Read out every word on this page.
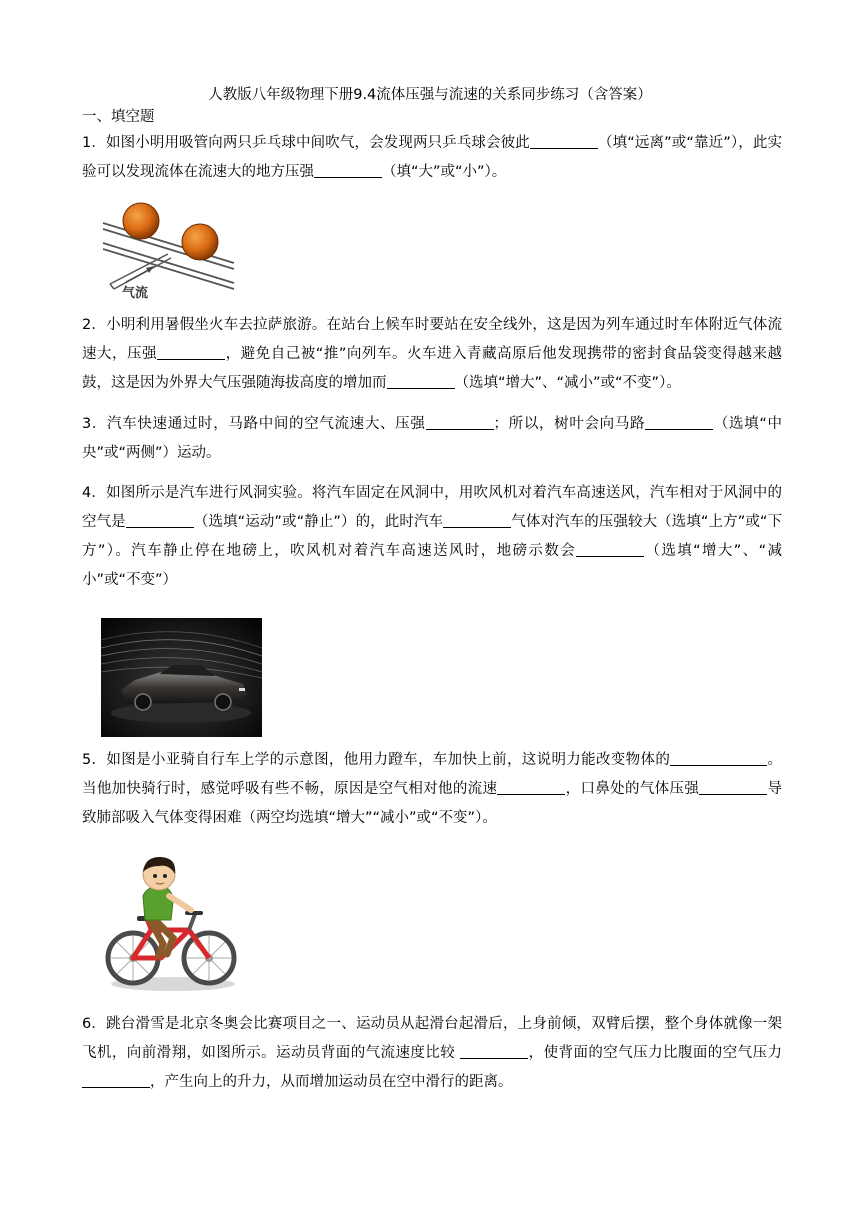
人教版八年级物理下册9.4流体压强与流速的关系同步练习（含答案）
一、填空题
1．如图小明用吸管向两只乒乓球中间吹气，会发现两只乒乓球会彼此	（填“远离”或“靠近”），此实验可以发现流体在流速大的地方压强	（填“大”或“小”）。
气流
2．小明利用暑假坐火车去拉萨旅游。在站台上候车时要站在安全线外，这是因为列车通过时车体附近气体流速大，压强	，避免自己被“推”向列车。火车进入青藏高原后他发现携带的密封食品袋变得越来越鼓，这是因为外界大气压强随海拔高度的增加而	（选填“增大”、“减小”或“不变”）。
3．汽车快速通过时，马路中间的空气流速大、压强	；所以，树叶会向马路	（选填“中央”或“两侧”）运动。
4．如图所示是汽车进行风洞实验。将汽车固定在风洞中，用吹风机对着汽车高速送风，汽车相对于风洞中的空气是	（选填“运动”或“静止”）的，此时汽车	气体对汽车的压强较大（选填“上方”或“下方”）。汽车静止停在地磅上，吹风机对着汽车高速送风时，地磅示数会	（选填“增大”、“减小”或“不变”）
5．如图是小亚骑自行车上学的示意图，他用力蹬车，车加快上前，这说明力能改变物体的	。当他加快骑行时，感觉呼吸有些不畅，原因是空气相对他的流速	，口鼻处的气体压强	导致肺部吸入气体变得困难（两空均选填“增大”“减小”或“不变”）。
6．跳台滑雪是北京冬奥会比赛项目之一、运动员从起滑台起滑后，上身前倾，双臂后摆，整个身体就像一架飞机，向前滑翔，如图所示。运动员背面的气流速度比较	，使背面的空气压力比腹面的空气压力 ，产生向上的升力，从而增加运动员在空中滑行的距离。
